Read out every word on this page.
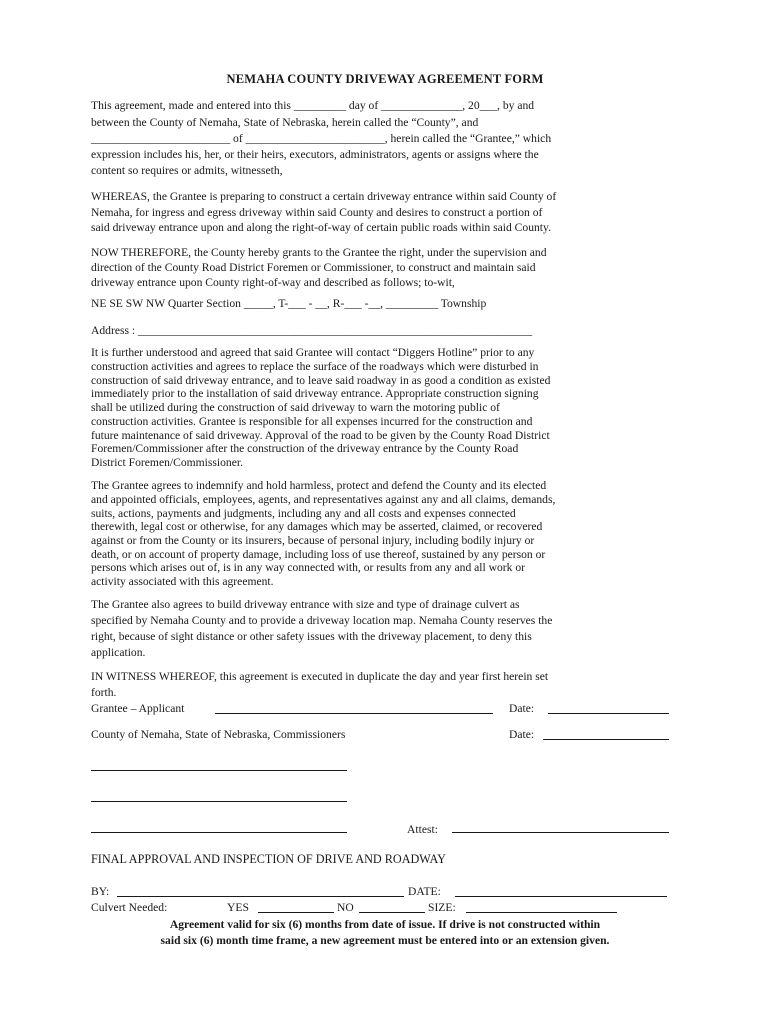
NEMAHA COUNTY DRIVEWAY AGREEMENT FORM
This agreement, made and entered into this _________ day of ______________, 20___, by and
between the County of Nemaha, State of Nebraska, herein called the “County”, and
________________________ of ________________________, herein called the “Grantee,” which
expression includes his, her, or their heirs, executors, administrators, agents or assigns where the
content so requires or admits, witnesseth,
WHEREAS, the Grantee is preparing to construct a certain driveway entrance within said County of
Nemaha, for ingress and egress driveway within said County and desires to construct a portion of
said driveway entrance upon and along the right-of-way of certain public roads within said County.
NOW THEREFORE, the County hereby grants to the Grantee the right, under the supervision and
direction of the County Road District Foremen or Commissioner, to construct and maintain said
driveway entrance upon County right-of-way and described as follows; to-wit,
NE SE SW NW Quarter Section _____, T-___ - __, R-___ -__, _________ Township
Address : ____________________________________________________________________
It is further understood and agreed that said Grantee will contact “Diggers Hotline” prior to any
construction activities and agrees to replace the surface of the roadways which were disturbed in
construction of said driveway entrance, and to leave said roadway in as good a condition as existed
immediately prior to the installation of said driveway entrance. Appropriate construction signing
shall be utilized during the construction of said driveway to warn the motoring public of
construction activities. Grantee is responsible for all expenses incurred for the construction and
future maintenance of said driveway. Approval of the road to be given by the County Road District
Foremen/Commissioner after the construction of the driveway entrance by the County Road
District Foremen/Commissioner.
The Grantee agrees to indemnify and hold harmless, protect and defend the County and its elected
and appointed officials, employees, agents, and representatives against any and all claims, demands,
suits, actions, payments and judgments, including any and all costs and expenses connected
therewith, legal cost or otherwise, for any damages which may be asserted, claimed, or recovered
against or from the County or its insurers, because of personal injury, including bodily injury or
death, or on account of property damage, including loss of use thereof, sustained by any person or
persons which arises out of, is in any way connected with, or results from any and all work or
activity associated with this agreement.
The Grantee also agrees to build driveway entrance with size and type of drainage culvert as
specified by Nemaha County and to provide a driveway location map. Nemaha County reserves the
right, because of sight distance or other safety issues with the driveway placement, to deny this
application.
IN WITNESS WHEREOF, this agreement is executed in duplicate the day and year first herein set
forth.
Grantee – Applicant	Date:
County of Nemaha, State of Nebraska, Commissioners	Date:
Attest:
FINAL APPROVAL AND INSPECTION OF DRIVE AND ROADWAY
BY:	DATE:
Culvert Needed:	YES	NO	SIZE:
Agreement valid for six (6) months from date of issue. If drive is not constructed within
said six (6) month time frame, a new agreement must be entered into or an extension given.
